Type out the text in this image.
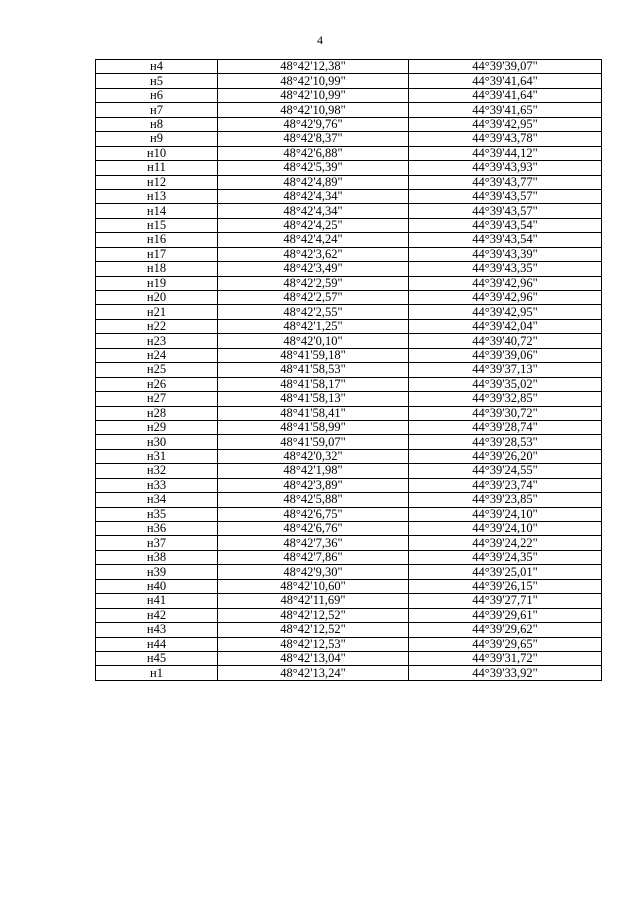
4
н4	48°42'12,38"	44°39'39,07"
н5	48°42'10,99"	44°39'41,64"
н6	48°42'10,99"	44°39'41,64"
н7	48°42'10,98"	44°39'41,65"
н8	48°42'9,76"	44°39'42,95"
н9	48°42'8,37"	44°39'43,78"
н10	48°42'6,88"	44°39'44,12"
н11	48°42'5,39"	44°39'43,93"
н12	48°42'4,89"	44°39'43,77"
н13	48°42'4,34"	44°39'43,57"
н14	48°42'4,34"	44°39'43,57"
н15	48°42'4,25"	44°39'43,54"
н16	48°42'4,24"	44°39'43,54"
н17	48°42'3,62"	44°39'43,39"
н18	48°42'3,49"	44°39'43,35"
н19	48°42'2,59"	44°39'42,96"
н20	48°42'2,57"	44°39'42,96"
н21	48°42'2,55"	44°39'42,95"
н22	48°42'1,25"	44°39'42,04"
н23	48°42'0,10"	44°39'40,72"
н24	48°41'59,18"	44°39'39,06"
н25	48°41'58,53"	44°39'37,13"
н26	48°41'58,17"	44°39'35,02"
н27	48°41'58,13"	44°39'32,85"
н28	48°41'58,41"	44°39'30,72"
н29	48°41'58,99"	44°39'28,74"
н30	48°41'59,07"	44°39'28,53"
н31	48°42'0,32"	44°39'26,20"
н32	48°42'1,98"	44°39'24,55"
н33	48°42'3,89"	44°39'23,74"
н34	48°42'5,88"	44°39'23,85"
н35	48°42'6,75"	44°39'24,10"
н36	48°42'6,76"	44°39'24,10"
н37	48°42'7,36"	44°39'24,22"
н38	48°42'7,86"	44°39'24,35"
н39	48°42'9,30"	44°39'25,01"
н40	48°42'10,60"	44°39'26,15"
н41	48°42'11,69"	44°39'27,71"
н42	48°42'12,52"	44°39'29,61"
н43	48°42'12,52"	44°39'29,62"
н44	48°42'12,53"	44°39'29,65"
н45	48°42'13,04"	44°39'31,72"
н1	48°42'13,24"	44°39'33,92"
